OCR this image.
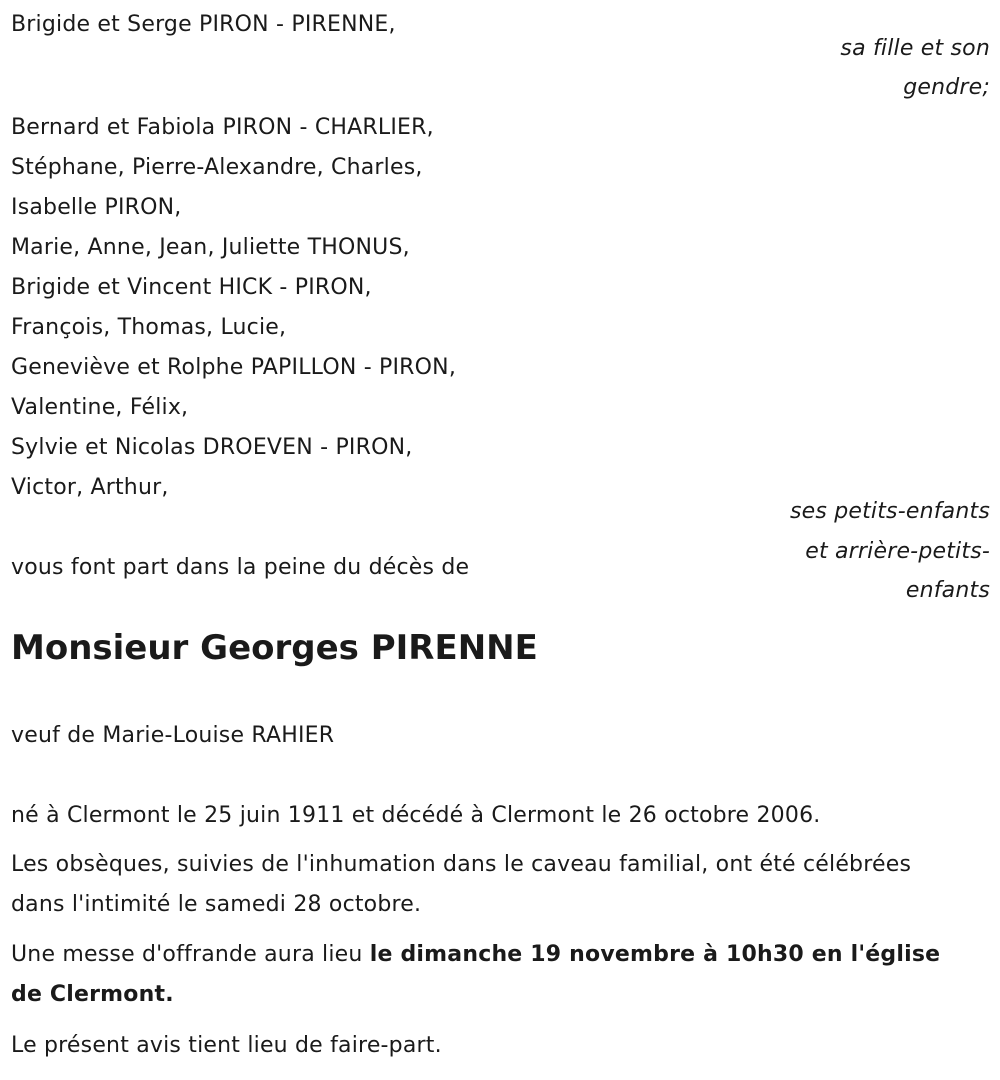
Brigide et Serge PIRON - PIRENNE,
sa fille et son
gendre;
Bernard et Fabiola PIRON - CHARLIER,
Stéphane, Pierre-Alexandre, Charles,
Isabelle PIRON,
Marie, Anne, Jean, Juliette THONUS,
Brigide et Vincent HICK - PIRON,
François, Thomas, Lucie,
Geneviève et Rolphe PAPILLON - PIRON,
Valentine, Félix,
Sylvie et Nicolas DROEVEN - PIRON,
Victor, Arthur,
ses petits-enfants
et arrière-petits-
enfants
vous font part dans la peine du décès de
Monsieur Georges PIRENNE
veuf de Marie-Louise RAHIER
né à Clermont le 25 juin 1911 et décédé à Clermont le 26 octobre 2006.
Les obsèques, suivies de l'inhumation dans le caveau familial, ont été célébrées dans l'intimité le samedi 28 octobre.
Une messe d'offrande aura lieu le dimanche 19 novembre à 10h30 en l'église de Clermont.
Le présent avis tient lieu de faire-part.
